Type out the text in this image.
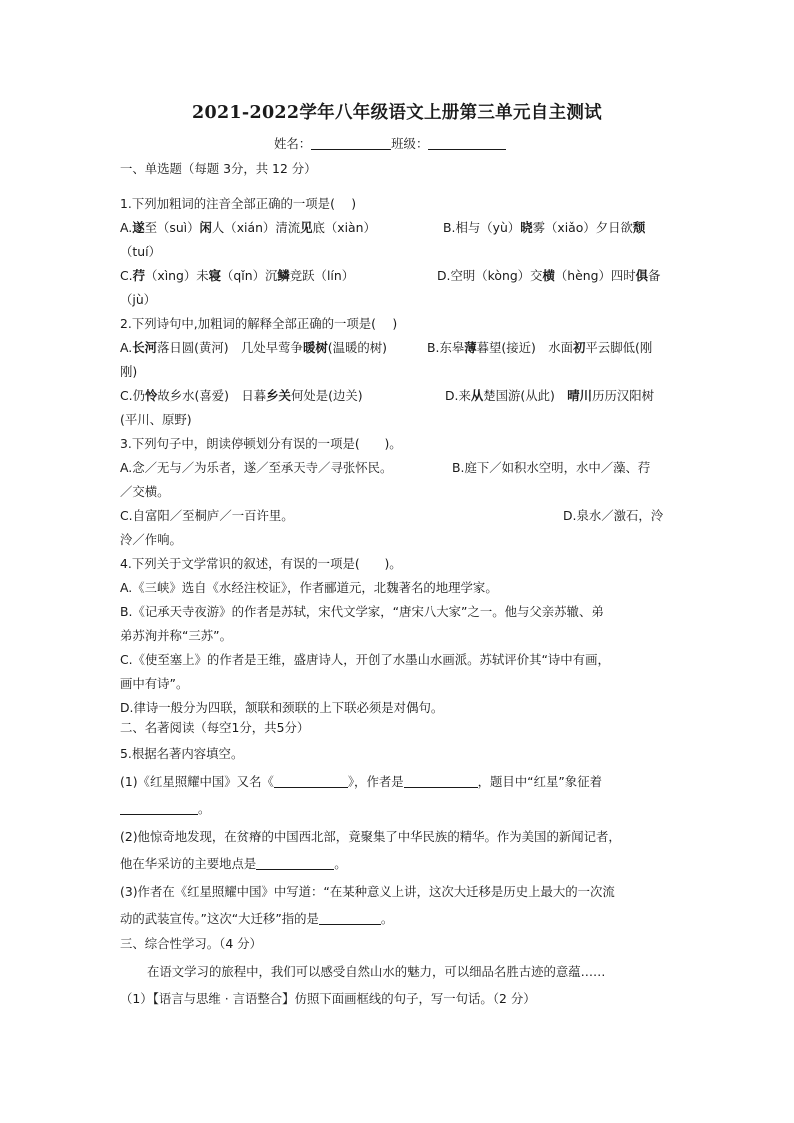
2021-2022学年八年级语文上册第三单元自主测试
姓名：	班级：
一、单选题（每题 3分，共 12 分）
1.下列加粗词的注音全部正确的一项是(　 )
A.遂至（suì）闲人（xián）清流见底（xiàn）	B.相与（yù）晓雾（xiǎo）夕日欲颓
（tuí）
C.荇（xìng）未寝（qǐn）沉鳞竞跃（lín）	D.空明（kòng）交横（hèng）四时俱备
（jù）
2.下列诗句中,加粗词的解释全部正确的一项是(　 )
A.长河落日圆(黄河)　几处早莺争暖树(温暖的树)	B.东皋薄暮望(接近)　水面初平云脚低(刚
刚)
C.仍怜故乡水(喜爱)　日暮乡关何处是(边关)	D.来从楚国游(从此)　晴川历历汉阳树
(平川、原野)
3.下列句子中，朗读停顿划分有误的一项是(　　)。
A.念／无与／为乐者，遂／至承天寺／寻张怀民。	B.庭下／如积水空明，水中／藻、荇
／交横。
C.自富阳／至桐庐／一百许里。	D.泉水／激石，泠
泠／作响。
4.下列关于文学常识的叙述，有误的一项是(　　)。
A.《三峡》选自《水经注校证》，作者郦道元，北魏著名的地理学家。
B.《记承天寺夜游》的作者是苏轼，宋代文学家，“唐宋八大家”之一。他与父亲苏辙、弟
弟苏洵并称“三苏”。
C.《使至塞上》的作者是王维，盛唐诗人，开创了水墨山水画派。苏轼评价其“诗中有画，
画中有诗”。
D.律诗一般分为四联，颔联和颈联的上下联必须是对偶句。
二、名著阅读（每空1分，共5分）
5.根据名著内容填空。
(1)《红星照耀中国》又名《	》，作者是	，题目中“红星”象征着
。
(2)他惊奇地发现，在贫瘠的中国西北部，竟聚集了中华民族的精华。作为美国的新闻记者，
他在华采访的主要地点是	。
(3)作者在《红星照耀中国》中写道：“在某种意义上讲，这次大迁移是历史上最大的一次流
动的武装宣传。”这次“大迁移”指的是	。
三、综合性学习。（4 分）
在语文学习的旅程中，我们可以感受自然山水的魅力，可以细品名胜古迹的意蕴……
（1）【语言与思维 · 言语整合】仿照下面画框线的句子，写一句话。（2 分）
